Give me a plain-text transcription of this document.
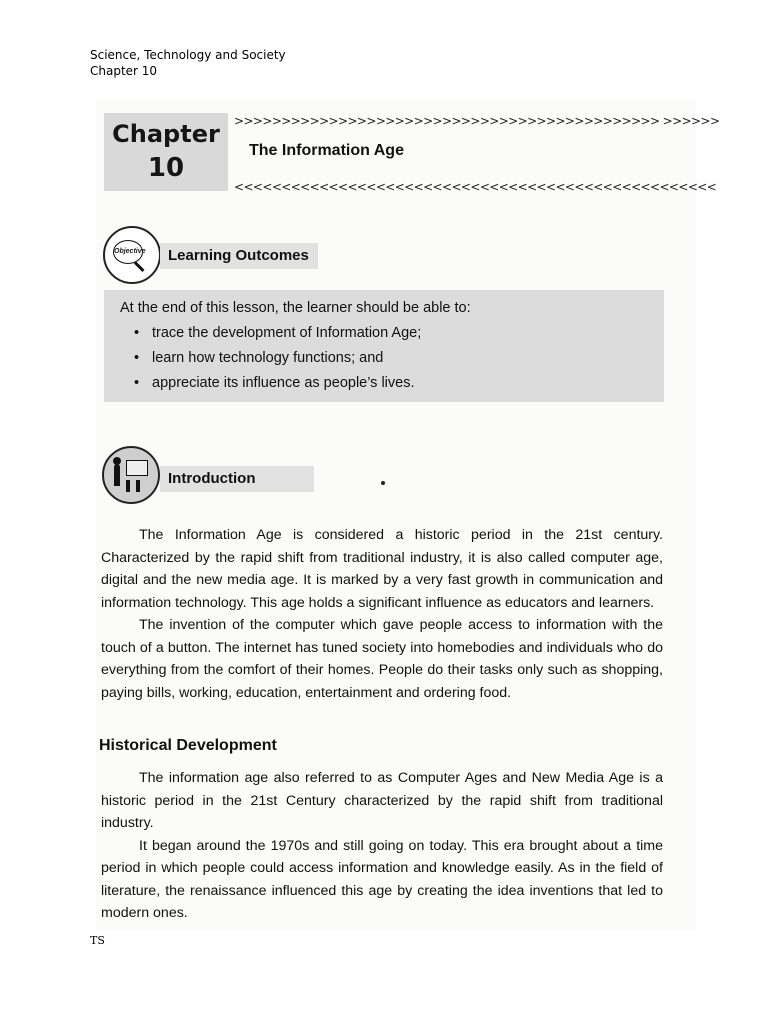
Science, Technology and Society
Chapter 10
Chapter
10
>>>>>>>>>>>>>>>>>>>>>>>>>>>>>>>>>>>>>>>>>>>>> >>>>>>
The Information Age
<<<<<<<<<<<<<<<<<<<<<<<<<<<<<<<<<<<<<<<<<<<<<<<<<<<
Objective	Learning Outcomes
At the end of this lesson, the learner should be able to:
• trace the development of Information Age;
• learn how technology functions; and
• appreciate its influence as people’s lives.
Introduction

The Information Age is considered a historic period in the 21st century. Characterized by the rapid shift from traditional industry, it is also called computer age, digital and the new media age. It is marked by a very fast growth in communication and information technology. This age holds a significant influence as educators and learners.

The invention of the computer which gave people access to information with the touch of a button. The internet has tuned society into homebodies and individuals who do everything from the comfort of their homes. People do their tasks only such as shopping, paying bills, working, education, entertainment and ordering food.

Historical Development

The information age also referred to as Computer Ages and New Media Age is a historic period in the 21st Century characterized by the rapid shift from traditional industry.

It began around the 1970s and still going on today. This era brought about a time period in which people could access information and knowledge easily. As in the field of literature, the renaissance influenced this age by creating the idea inventions that led to modern ones.

TS
